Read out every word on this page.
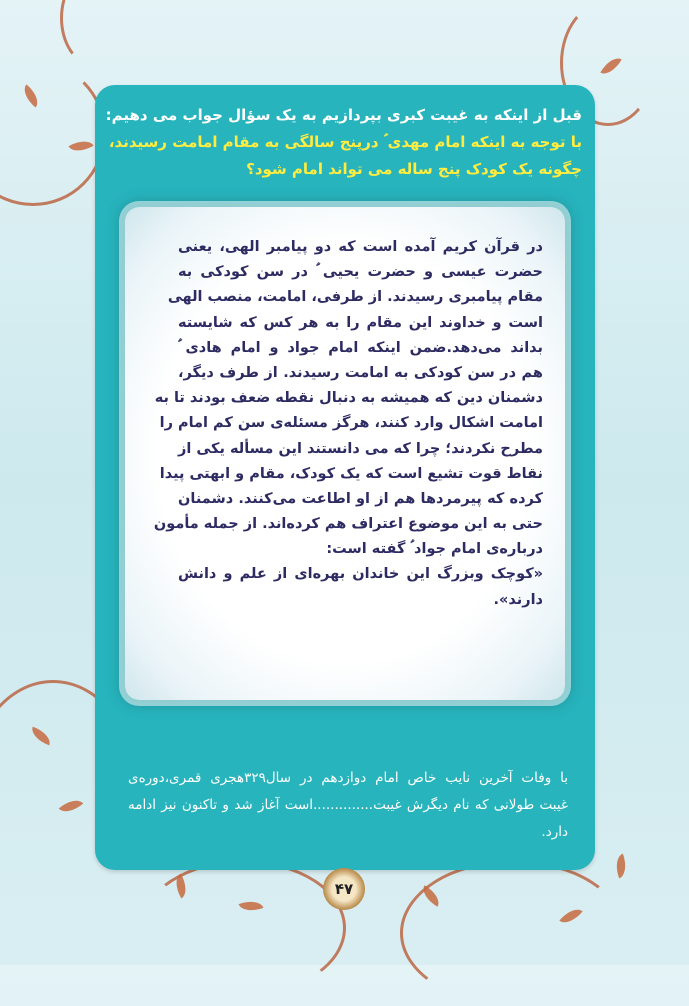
قبل از اینکه به غیبت کبری بپردازیم به یک سؤال جواب می دهیم:
با توجه به اینکه امام مهدی ؑ درپنج سالگی به مقام امامت رسیدند،
چگونه یک کودک پنج ساله می تواند امام شود؟
در قرآن کریم آمده است که دو پیامبر الهی، یعنی
حضرت عیسی و حضرت یحیی ؑ در سن کودکی به
مقام پیامبری رسیدند. از طرفی، امامت، منصب الهی
است و خداوند این مقام را به هر کس که شایسته
بداند می‌دهد.ضمن اینکه امام جواد و امام هادی ؑ
هم در سن کودکی به امامت رسیدند. از طرف دیگر،
دشمنان دین که همیشه به دنبال نقطه ضعف بودند تا به
امامت اشکال وارد کنند، هرگز مسئله‌ی سن کم امام را
مطرح نکردند؛ چرا که می دانستند این مسأله یکی از
نقاط قوت تشیع است که یک کودک، مقام و ابهتی پیدا
کرده که پیرمردها هم از او اطاعت می‌کنند. دشمنان
حتی به این موضوع اعتراف هم کرده‌اند. از جمله مأمون
درباره‌ی امام جواد ؑ گفته است:
«کوچک وبزرگ این خاندان بهره‌ای از علم و دانش
دارند».
با وفات آخرین نایب خاص امام دوازدهم در سال۳۲۹هجری قمری،دوره‌ی
غیبت طولانی که نام دیگرش غیبت..............است آغاز شد و تاکنون نیز ادامه
دارد.
۴۷
